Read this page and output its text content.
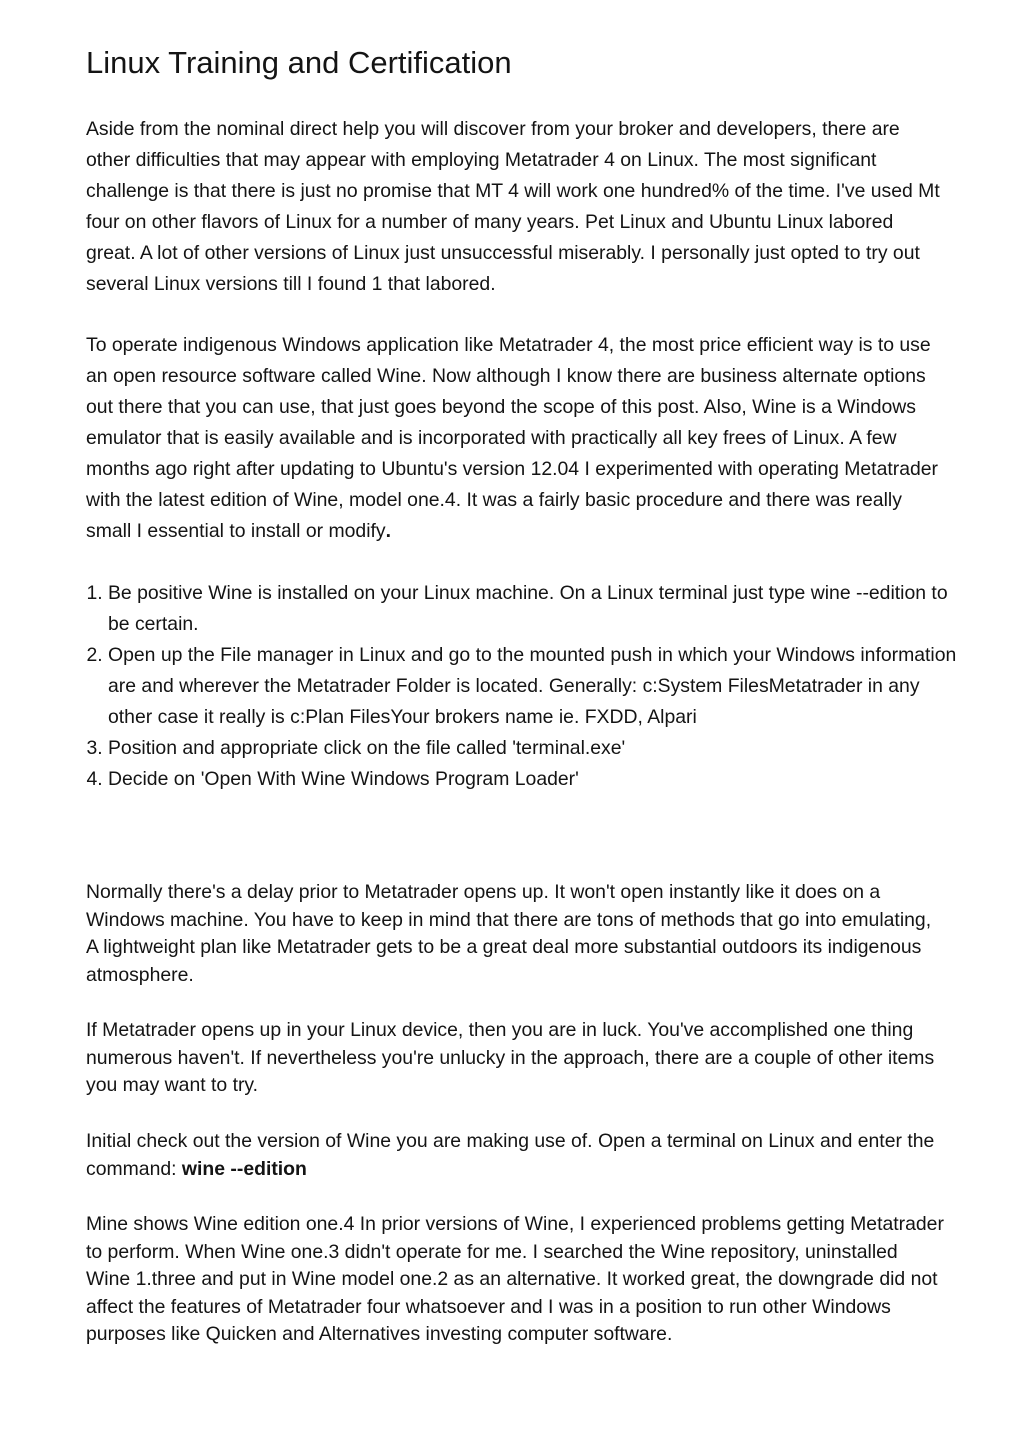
Linux Training and Certification

Aside from the nominal direct help you will discover from your broker and developers, there are other difficulties that may appear with employing Metatrader 4 on Linux. The most significant challenge is that there is just no promise that MT 4 will work one hundred% of the time. I've used Mt four on other flavors of Linux for a number of many years. Pet Linux and Ubuntu Linux labored great. A lot of other versions of Linux just unsuccessful miserably. I personally just opted to try out several Linux versions till I found 1 that labored.

To operate indigenous Windows application like Metatrader 4, the most price efficient way is to use an open resource software called Wine. Now although I know there are business alternate options out there that you can use, that just goes beyond the scope of this post. Also, Wine is a Windows emulator that is easily available and is incorporated with practically all key frees of Linux. A few months ago right after updating to Ubuntu's version 12.04 I experimented with operating Metatrader with the latest edition of Wine, model one.4. It was a fairly basic procedure and there was really small I essential to install or modify.

1. Be positive Wine is installed on your Linux machine. On a Linux terminal just type wine --edition to be certain.
2. Open up the File manager in Linux and go to the mounted push in which your Windows information are and wherever the Metatrader Folder is located. Generally: c:System FilesMetatrader in any other case it really is c:Plan FilesYour brokers name ie. FXDD, Alpari
3. Position and appropriate click on the file called 'terminal.exe'
4. Decide on 'Open With Wine Windows Program Loader'

Normally there's a delay prior to Metatrader opens up. It won't open instantly like it does on a Windows machine. You have to keep in mind that there are tons of methods that go into emulating, A lightweight plan like Metatrader gets to be a great deal more substantial outdoors its indigenous atmosphere.

If Metatrader opens up in your Linux device, then you are in luck. You've accomplished one thing numerous haven't. If nevertheless you're unlucky in the approach, there are a couple of other items you may want to try.

Initial check out the version of Wine you are making use of. Open a terminal on Linux and enter the command: wine --edition

Mine shows Wine edition one.4 In prior versions of Wine, I experienced problems getting Metatrader to perform. When Wine one.3 didn't operate for me. I searched the Wine repository, uninstalled Wine 1.three and put in Wine model one.2 as an alternative. It worked great, the downgrade did not affect the features of Metatrader four whatsoever and I was in a position to run other Windows purposes like Quicken and Alternatives investing computer software.
